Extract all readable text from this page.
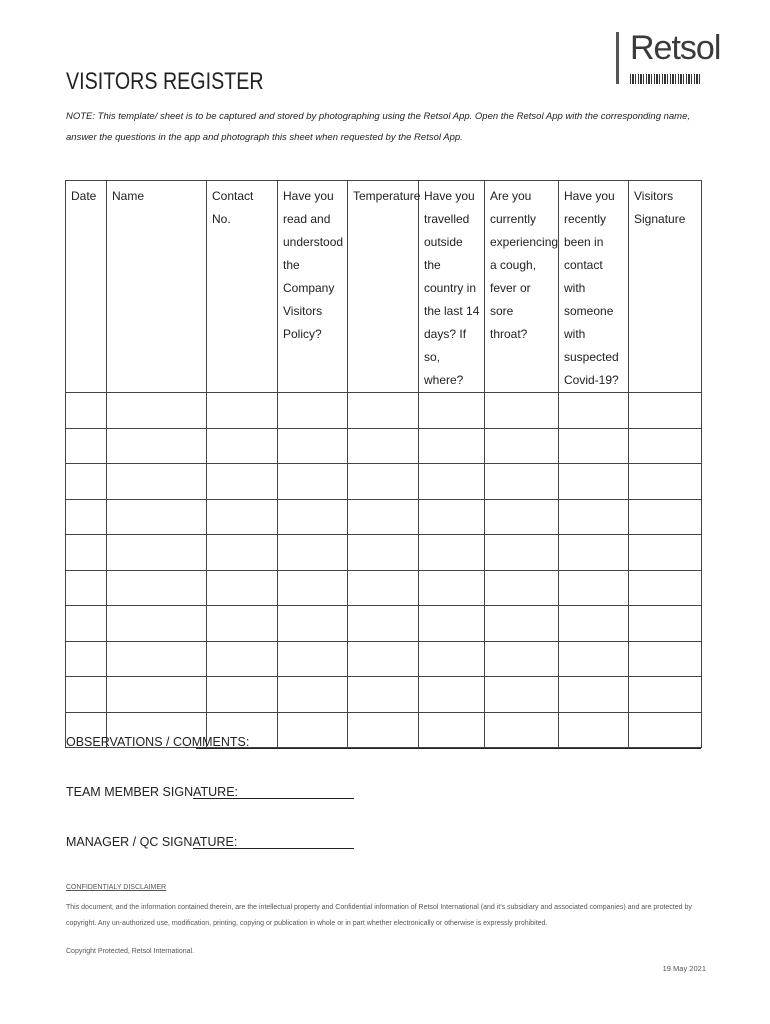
Retsol
VISITORS REGISTER
NOTE: This template/ sheet is to be captured and stored by photographing using the Retsol App. Open the Retsol App with the corresponding name, answer the questions in the app and photograph this sheet when requested by the Retsol App.
Date	Name	Contact No.	Have you read and understood the Company Visitors Policy?	Temperature	Have you travelled outside the country in the last 14 days? If so, where?	Are you currently experiencing a cough, fever or sore throat?	Have you recently been in contact with someone with suspected Covid-19?	Visitors Signature

OBSERVATIONS / COMMENTS:
TEAM MEMBER SIGNATURE:
MANAGER / QC SIGNATURE:
CONFIDENTIALY DISCLAIMER
This document, and the information contained therein, are the intellectual property and Confidential information of Retsol International (and it's subsidiary and associated companies) and are protected by copyright. Any un-authorized use, modification, printing, copying or publication in whole or in part whether electronically or otherwise is expressly prohibited.
Copyright Protected, Retsol International.
19 May 2021
